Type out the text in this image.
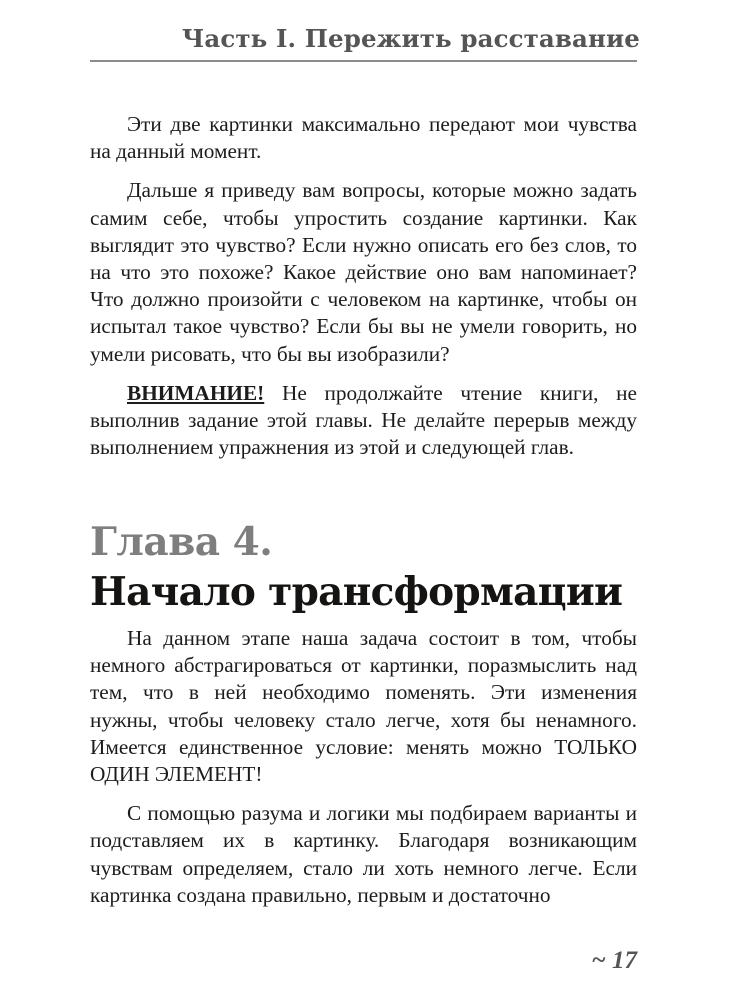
Часть I. Пережить расставание

Эти две картинки максимально передают мои чувства на данный момент.

Дальше я приведу вам вопросы, которые можно задать самим себе, чтобы упростить создание картинки. Как выглядит это чувство? Если нужно описать его без слов, то на что это похоже? Какое действие оно вам напоминает? Что должно произойти с человеком на картинке, чтобы он испытал такое чувство? Если бы вы не умели говорить, но умели рисовать, что бы вы изобразили?

ВНИМАНИЕ! Не продолжайте чтение книги, не выполнив задание этой главы. Не делайте перерыв между выполнением упражнения из этой и следующей глав.

Глава 4.
Начало трансформации

На данном этапе наша задача состоит в том, чтобы немного абстрагироваться от картинки, поразмыслить над тем, что в ней необходимо поменять. Эти изменения нужны, чтобы человеку стало легче, хотя бы ненамного. Имеется единственное условие: менять можно ТОЛЬКО ОДИН ЭЛЕМЕНТ!

С помощью разума и логики мы подбираем варианты и подставляем их в картинку. Благодаря возникающим чувствам определяем, стало ли хоть немного легче. Если картинка создана правильно, первым и достаточно

~ 17
